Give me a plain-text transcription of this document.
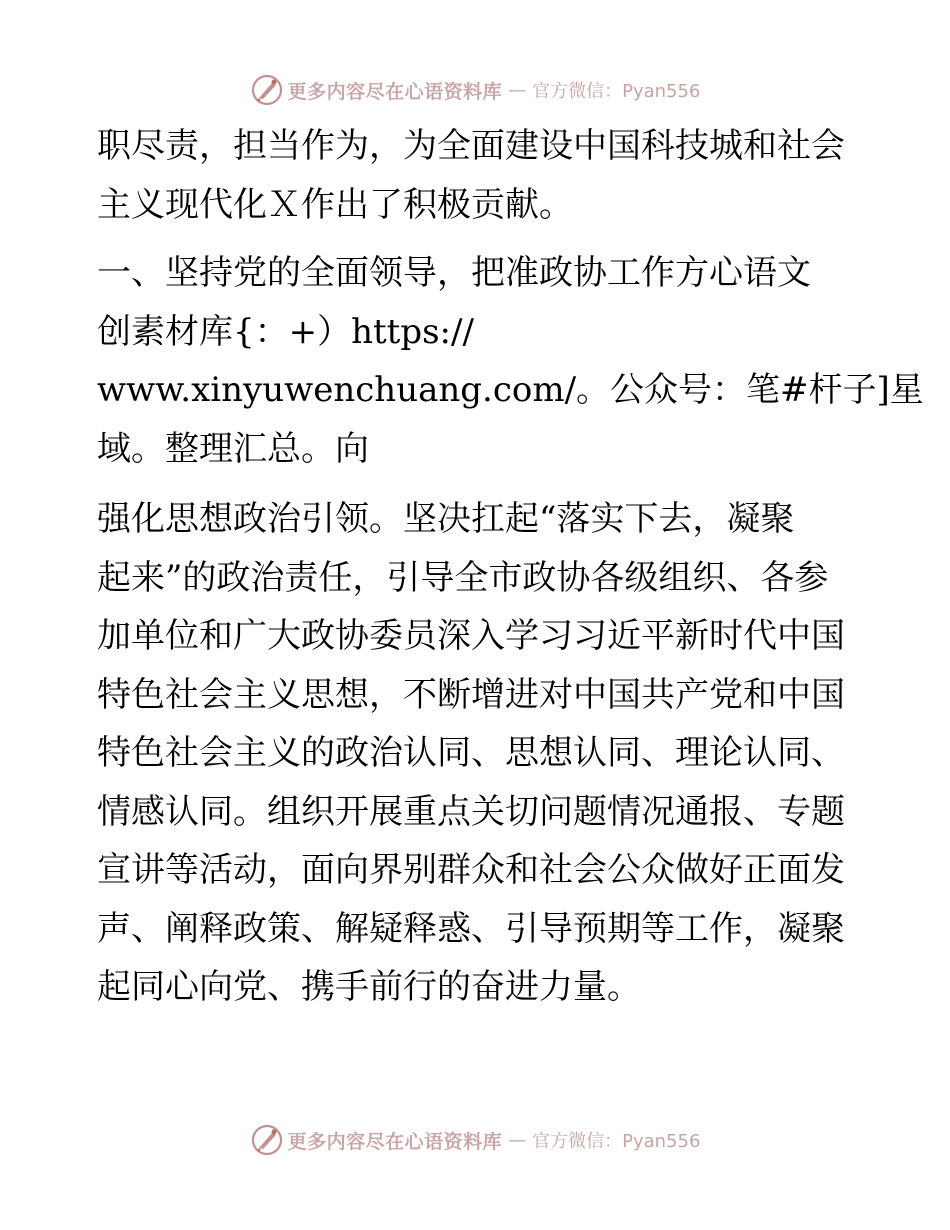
更多内容尽在心语资料库 — 官方微信：Pyan556

职尽责，担当作为，为全面建设中国科技城和社会
主义现代化Ｘ作出了积极贡献。

一、坚持党的全面领导，把准政协工作方心语文
创素材库{：+）https://
www.xinyuwenchuang.com/。公众号：笔#杆子]星
域。整理汇总。向

强化思想政治引领。坚决扛起“落实下去，凝聚
起来”的政治责任，引导全市政协各级组织、各参
加单位和广大政协委员深入学习习近平新时代中国
特色社会主义思想，不断增进对中国共产党和中国
特色社会主义的政治认同、思想认同、理论认同、
情感认同。组织开展重点关切问题情况通报、专题
宣讲等活动，面向界别群众和社会公众做好正面发
声、阐释政策、解疑释惑、引导预期等工作，凝聚
起同心向党、携手前行的奋进力量。

更多内容尽在心语资料库 — 官方微信：Pyan556
